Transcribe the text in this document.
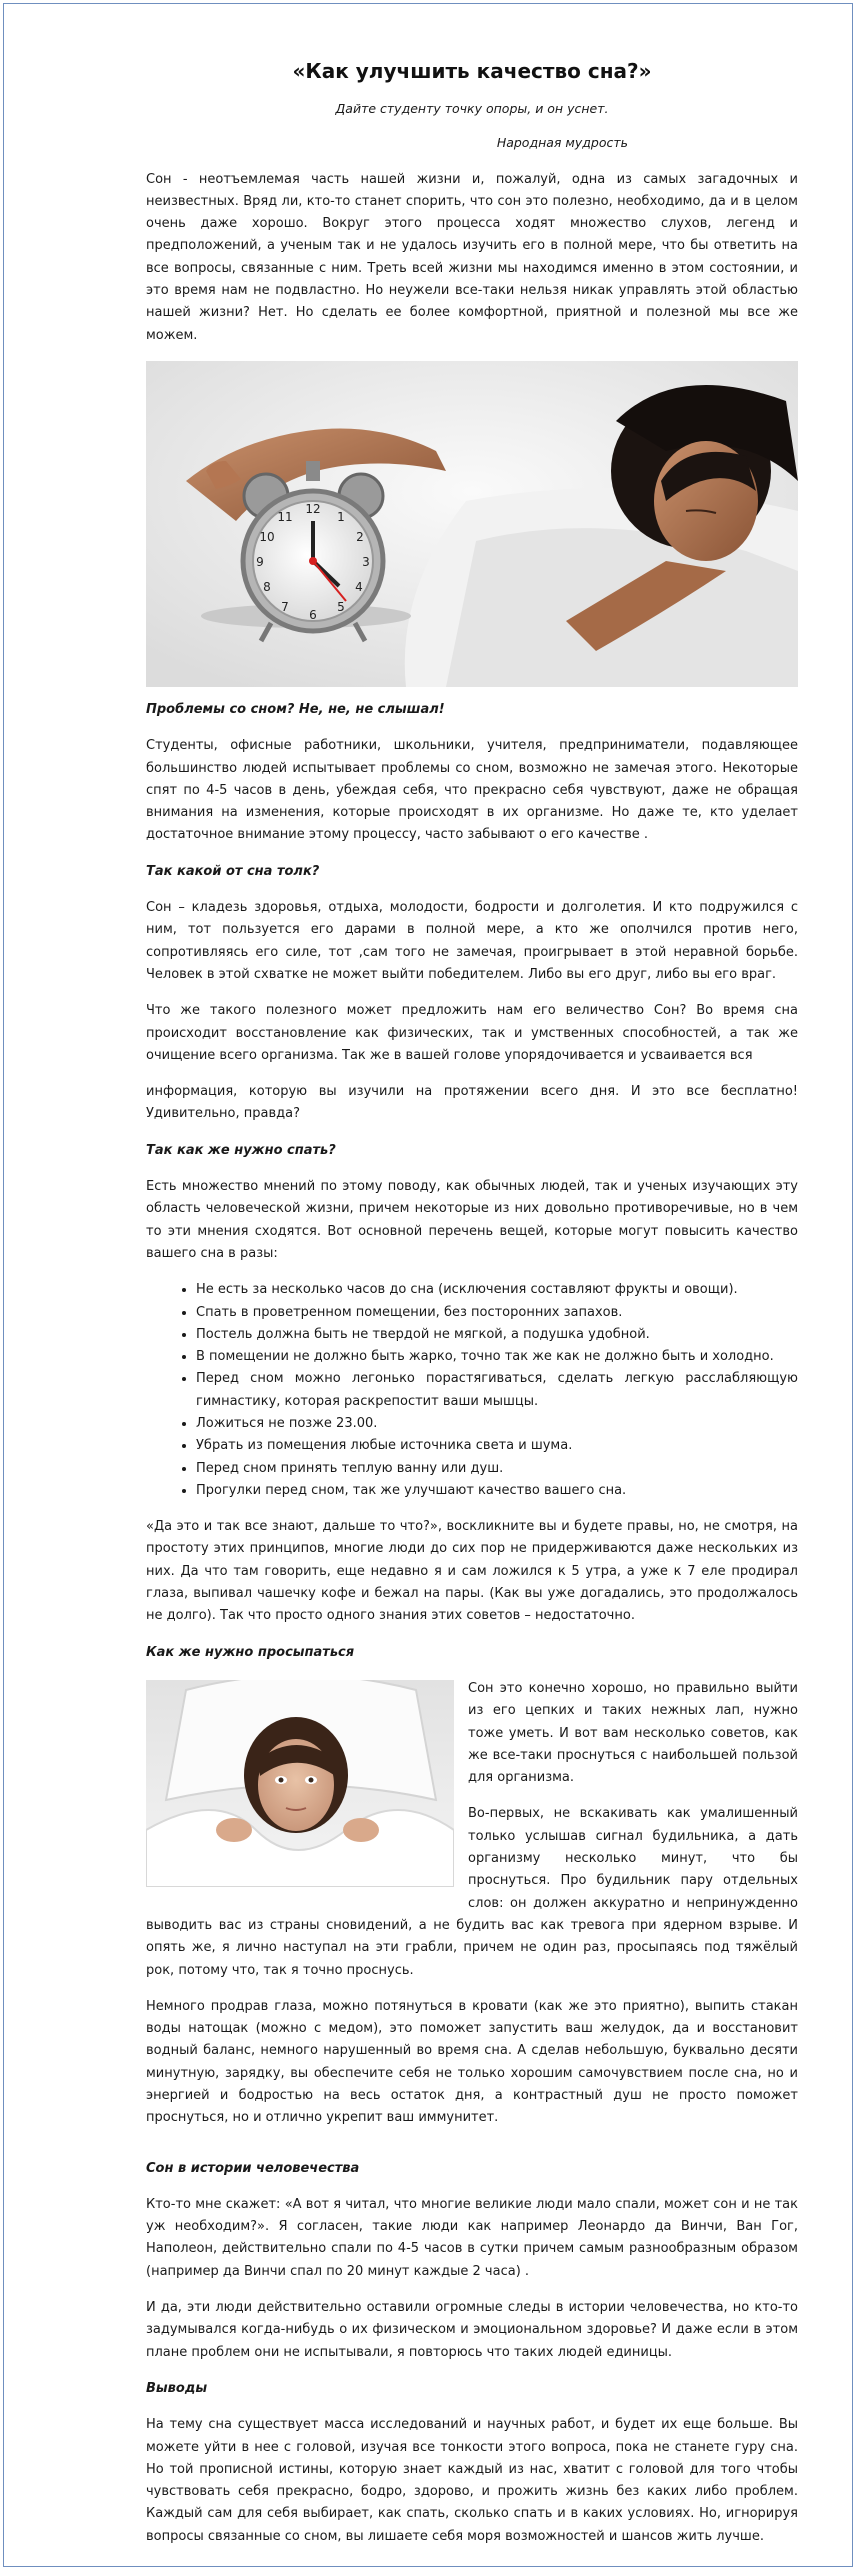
«Как улучшить качество сна?»
Дайте студенту точку опоры, и он уснет.
Народная мудрость

Сон - неотъемлемая часть нашей жизни и, пожалуй, одна из самых загадочных и неизвестных. Вряд ли, кто-то станет спорить, что сон это полезно, необходимо, да и в целом очень даже хорошо. Вокруг этого процесса ходят множество слухов, легенд и предположений, а ученым так и не удалось изучить его в полной мере, что бы ответить на все вопросы, связанные с ним. Треть всей жизни мы находимся именно в этом состоянии, и это время нам не подвластно. Но неужели все-таки нельзя никак управлять этой областью нашей жизни? Нет. Но сделать ее более комфортной, приятной и полезной мы все же можем.

12
1
2
3
4
5
6
7
8
9
10
11
Проблемы со сном? Не, не, не слышал!

Студенты, офисные работники, школьники, учителя, предприниматели, подавляющее большинство людей испытывает проблемы со сном, возможно не замечая этого. Некоторые спят по 4-5 часов в день, убеждая себя, что прекрасно себя чувствуют, даже не обращая внимания на изменения, которые происходят в их организме. Но даже те, кто уделает достаточное внимание этому процессу, часто забывают о его качестве .

Так какой от сна толк?

Сон – кладезь здоровья, отдыха, молодости, бодрости и долголетия. И кто подружился с ним, тот пользуется его дарами в полной мере, а кто же ополчился против него, сопротивляясь его силе, тот ,сам того не замечая, проигрывает в этой неравной борьбе. Человек в этой схватке не может выйти победителем. Либо вы его друг, либо вы его враг.

Что же такого полезного может предложить нам его величество Сон? Во время сна происходит восстановление как физических, так и умственных способностей, а так же очищение всего организма. Так же в вашей голове упорядочивается и усваивается вся

информация, которую вы изучили на протяжении всего дня. И это все бесплатно! Удивительно, правда?

Так как же нужно спать?

Есть множество мнений по этому поводу, как обычных людей, так и ученых изучающих эту область человеческой жизни, причем некоторые из них довольно противоречивые, но в чем то эти мнения сходятся. Вот основной перечень вещей, которые могут повысить качество вашего сна в разы:

• Не есть за несколько часов до сна (исключения составляют фрукты и овощи).
• Спать в проветренном помещении, без посторонних запахов.
• Постель должна быть не твердой не мягкой, а подушка удобной.
• В помещении не должно быть жарко, точно так же как не должно быть и холодно.
• Перед сном можно легонько порастягиваться, сделать легкую расслабляющую гимнастику, которая раскрепостит ваши мышцы.
• Ложиться не позже 23.00.
• Убрать из помещения любые источника света и шума.
• Перед сном принять теплую ванну или душ.
• Прогулки перед сном, так же улучшают качество вашего сна.

«Да это и так все знают, дальше то что?», воскликните вы и будете правы, но, не смотря, на простоту этих принципов, многие люди до сих пор не придерживаются даже нескольких из них. Да что там говорить, еще недавно я и сам ложился к 5 утра, а уже к 7 еле продирал глаза, выпивал чашечку кофе и бежал на пары. (Как вы уже догадались, это продолжалось не долго). Так что просто одного знания этих советов – недостаточно.

Как же нужно просыпаться

Сон это конечно хорошо, но правильно выйти из его цепких и таких нежных лап, нужно тоже уметь. И вот вам несколько советов, как же все-таки проснуться с наибольшей пользой для организма.

Во-первых, не вскакивать как умалишенный только услышав сигнал будильника, а дать организму несколько минут, что бы проснуться. Про будильник пару отдельных слов: он должен аккуратно и непринужденно выводить вас из страны сновидений, а не будить вас как тревога при ядерном взрыве. И опять же, я лично наступал на эти грабли, причем не один раз, просыпаясь под тяжёлый рок, потому что, так я точно проснусь.

Немного продрав глаза, можно потянуться в кровати (как же это приятно), выпить стакан воды натощак (можно с медом), это поможет запустить ваш желудок, да и восстановит водный баланс, немного нарушенный во время сна. А сделав небольшую, буквально десяти минутную, зарядку, вы обеспечите себя не только хорошим самочувствием после сна, но и энергией и бодростью на весь остаток дня, а контрастный душ не просто поможет проснуться, но и отлично укрепит ваш иммунитет.

Сон в истории человечества

Кто-то мне скажет: «А вот я читал, что многие великие люди мало спали, может сон и не так уж необходим?». Я согласен, такие люди как например Леонардо да Винчи, Ван Гог, Наполеон, действительно спали по 4-5 часов в сутки причем самым разнообразным образом (например да Винчи спал по 20 минут каждые 2 часа) .

И да, эти люди действительно оставили огромные следы в истории человечества, но кто-то задумывался когда-нибудь о их физическом и эмоциональном здоровье? И даже если в этом плане проблем они не испытывали, я повторюсь что таких людей единицы.

Выводы

На тему сна существует масса исследований и научных работ, и будет их еще больше. Вы можете уйти в нее с головой, изучая все тонкости этого вопроса, пока не станете гуру сна. Но той прописной истины, которую знает каждый из нас, хватит с головой для того чтобы чувствовать себя прекрасно, бодро, здорово, и прожить жизнь без каких либо проблем. Каждый сам для себя выбирает, как спать, сколько спать и в каких условиях. Но, игнорируя вопросы связанные со сном, вы лишаете себя моря возможностей и шансов жить лучше.
